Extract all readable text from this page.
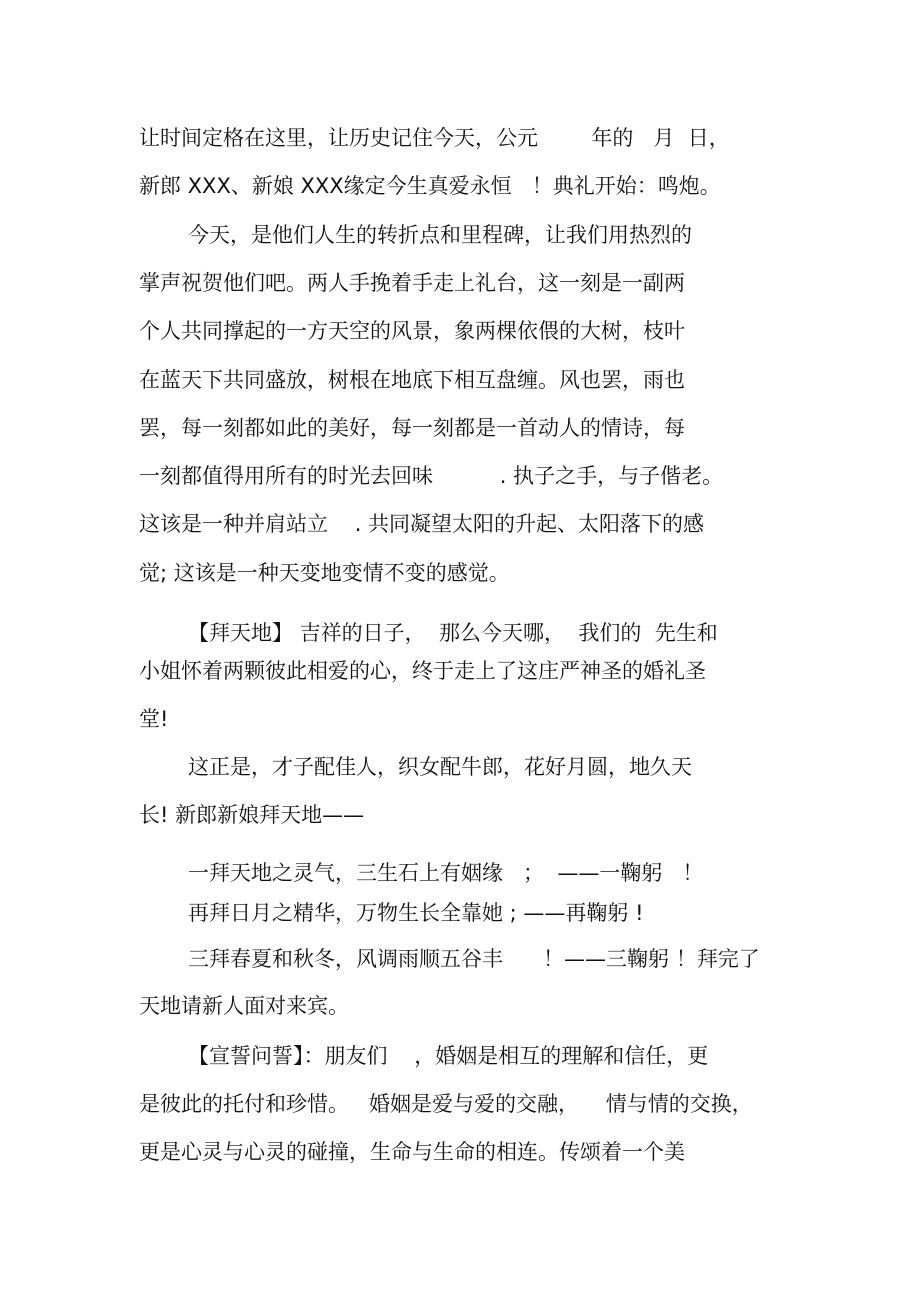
让时间定格在这里，让历史记住今天，公元        年的   月  日，
新郎 XXX、新娘 XXX缘定今生真爱永恒   ！典礼开始：鸣炮。
今天，是他们人生的转折点和里程碑，让我们用热烈的
掌声祝贺他们吧。两人手挽着手走上礼台，这一刻是一副两
个人共同撑起的一方天空的风景，象两棵依偎的大树，枝叶
在蓝天下共同盛放，树根在地底下相互盘缠。风也罢，雨也
罢，每一刻都如此的美好，每一刻都是一首动人的情诗，每
一刻都值得用所有的时光去回味          . 执子之手，与子偕老。
这该是一种并肩站立    . 共同凝望太阳的升起、太阳落下的感
觉; 这该是一种天变地变情不变的感觉。
【拜天地】 吉祥的日子，  那么今天哪，  我们的  先生和
小姐怀着两颗彼此相爱的心，终于走上了这庄严神圣的婚礼圣
堂!
这正是，才子配佳人，织女配牛郎，花好月圆，地久天
长! 新郎新娘拜天地——
一拜天地之灵气，三生石上有姻缘   ；  ——一鞠躬   ！
再拜日月之精华，万物生长全靠她 ; ——再鞠躬 !
三拜春夏和秋冬，风调雨顺五谷丰      ！——三鞠躬 ！拜完了
天地请新人面对来宾。
【宣誓问誓】：朋友们    ，婚姻是相互的理解和信任，更
是彼此的托付和珍惜。   婚姻是爱与爱的交融，    情与情的交换，
更是心灵与心灵的碰撞，生命与生命的相连。传颂着一个美
